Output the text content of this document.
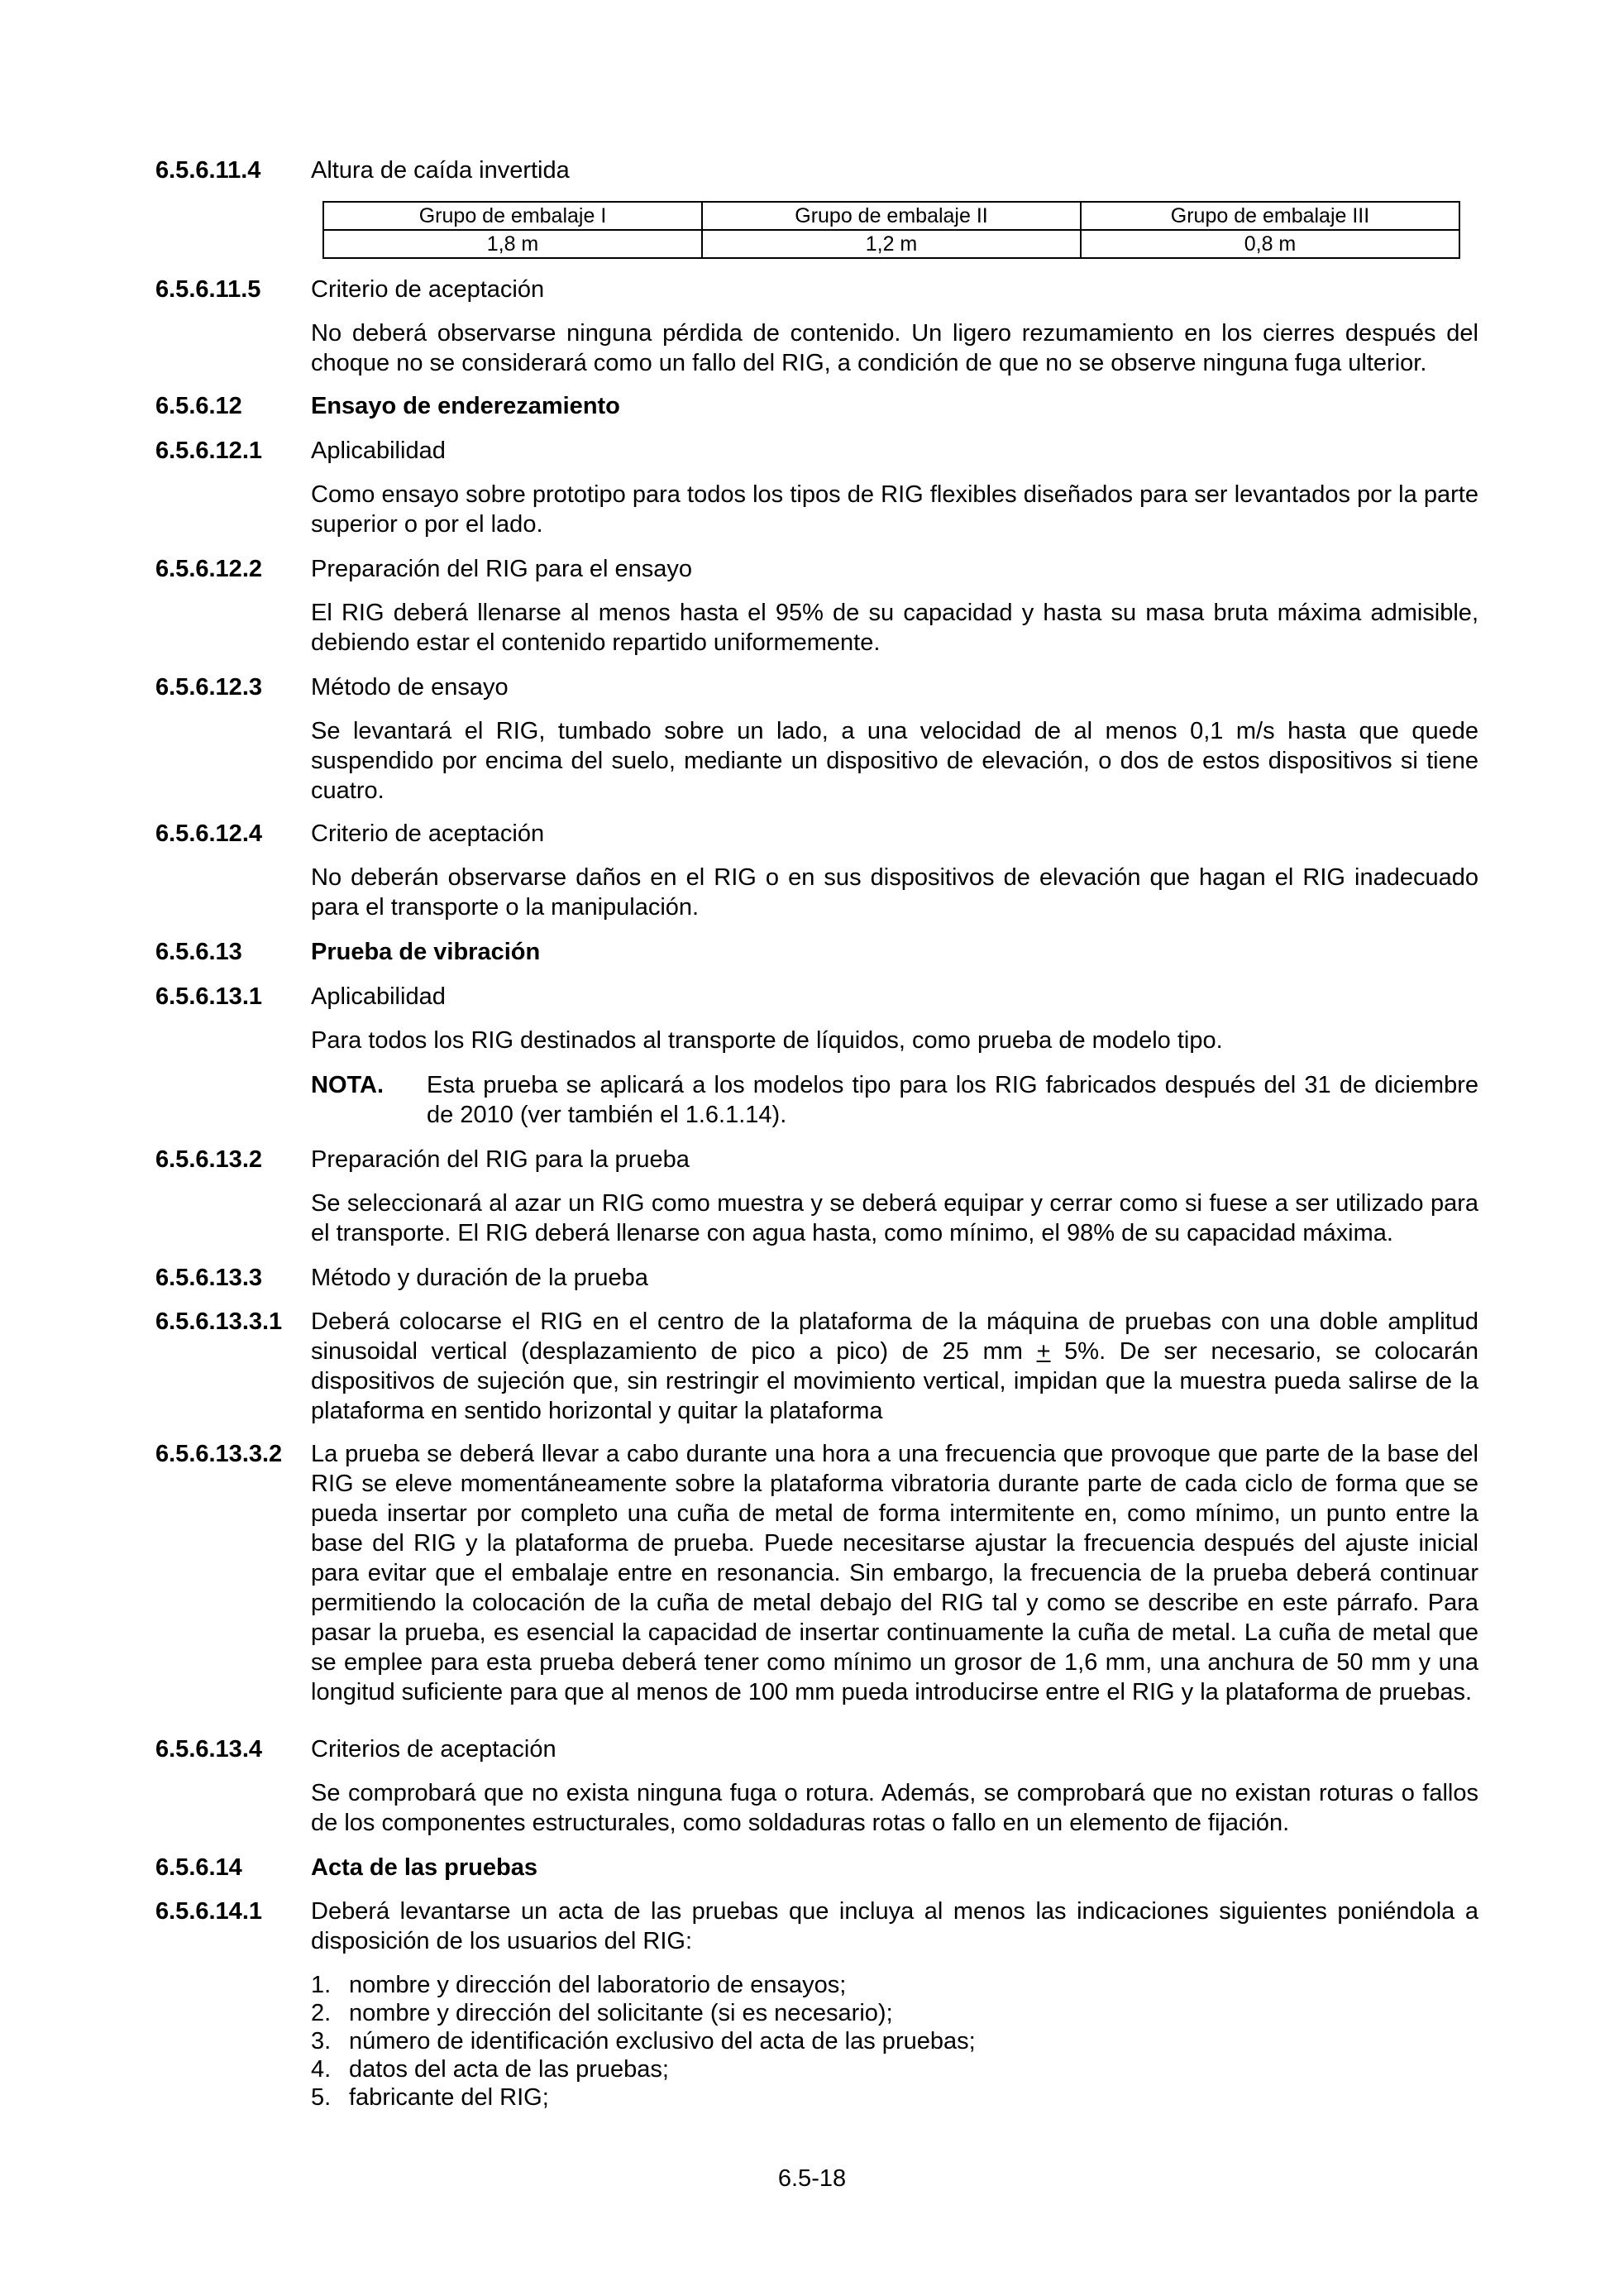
6.5.6.11.4 Altura de caída invertida
Grupo de embalaje I	Grupo de embalaje II	Grupo de embalaje III
1,8 m	1,2 m	0,8 m
6.5.6.11.5 Criterio de aceptación
No deberá observarse ninguna pérdida de contenido. Un ligero rezumamiento en los cierres después del choque no se considerará como un fallo del RIG, a condición de que no se observe ninguna fuga ulterior.
6.5.6.12	Ensayo de enderezamiento
6.5.6.12.1 Aplicabilidad
Como ensayo sobre prototipo para todos los tipos de RIG flexibles diseñados para ser levantados por la parte superior o por el lado.
6.5.6.12.2 Preparación del RIG para el ensayo
El RIG deberá llenarse al menos hasta el 95% de su capacidad y hasta su masa bruta máxima admisible, debiendo estar el contenido repartido uniformemente.
6.5.6.12.3 Método de ensayo
Se levantará el RIG, tumbado sobre un lado, a una velocidad de al menos 0,1 m/s hasta que quede suspendido por encima del suelo, mediante un dispositivo de elevación, o dos de estos dispositivos si tiene cuatro.
6.5.6.12.4 Criterio de aceptación
No deberán observarse daños en el RIG o en sus dispositivos de elevación que hagan el RIG inadecuado para el transporte o la manipulación.
6.5.6.13	Prueba de vibración
6.5.6.13.1 Aplicabilidad
Para todos los RIG destinados al transporte de líquidos, como prueba de modelo tipo.
NOTA. Esta prueba se aplicará a los modelos tipo para los RIG fabricados después del 31 de diciembre de 2010 (ver también el 1.6.1.14).
6.5.6.13.2 Preparación del RIG para la prueba
Se seleccionará al azar un RIG como muestra y se deberá equipar y cerrar como si fuese a ser utilizado para el transporte. El RIG deberá llenarse con agua hasta, como mínimo, el 98% de su capacidad máxima.
6.5.6.13.3 Método y duración de la prueba
6.5.6.13.3.1 Deberá colocarse el RIG en el centro de la plataforma de la máquina de pruebas con una doble amplitud sinusoidal vertical (desplazamiento de pico a pico) de 25 mm + 5%. De ser necesario, se colocarán dispositivos de sujeción que, sin restringir el movimiento vertical, impidan que la muestra pueda salirse de la plataforma en sentido horizontal y quitar la plataforma
6.5.6.13.3.2 La prueba se deberá llevar a cabo durante una hora a una frecuencia que provoque que parte de la base del RIG se eleve momentáneamente sobre la plataforma vibratoria durante parte de cada ciclo de forma que se pueda insertar por completo una cuña de metal de forma intermitente en, como mínimo, un punto entre la base del RIG y la plataforma de prueba. Puede necesitarse ajustar la frecuencia después del ajuste inicial para evitar que el embalaje entre en resonancia. Sin embargo, la frecuencia de la prueba deberá continuar permitiendo la colocación de la cuña de metal debajo del RIG tal y como se describe en este párrafo. Para pasar la prueba, es esencial la capacidad de insertar continuamente la cuña de metal. La cuña de metal que se emplee para esta prueba deberá tener como mínimo un grosor de 1,6 mm, una anchura de 50 mm y una longitud suficiente para que al menos de 100 mm pueda introducirse entre el RIG y la plataforma de pruebas.
6.5.6.13.4 Criterios de aceptación
Se comprobará que no exista ninguna fuga o rotura. Además, se comprobará que no existan roturas o fallos de los componentes estructurales, como soldaduras rotas o fallo en un elemento de fijación.
6.5.6.14	Acta de las pruebas
6.5.6.14.1 Deberá levantarse un acta de las pruebas que incluya al menos las indicaciones siguientes poniéndola a disposición de los usuarios del RIG:
1. nombre y dirección del laboratorio de ensayos;
2. nombre y dirección del solicitante (si es necesario);
3. número de identificación exclusivo del acta de las pruebas;
4. datos del acta de las pruebas;
5. fabricante del RIG;
6.5-18
